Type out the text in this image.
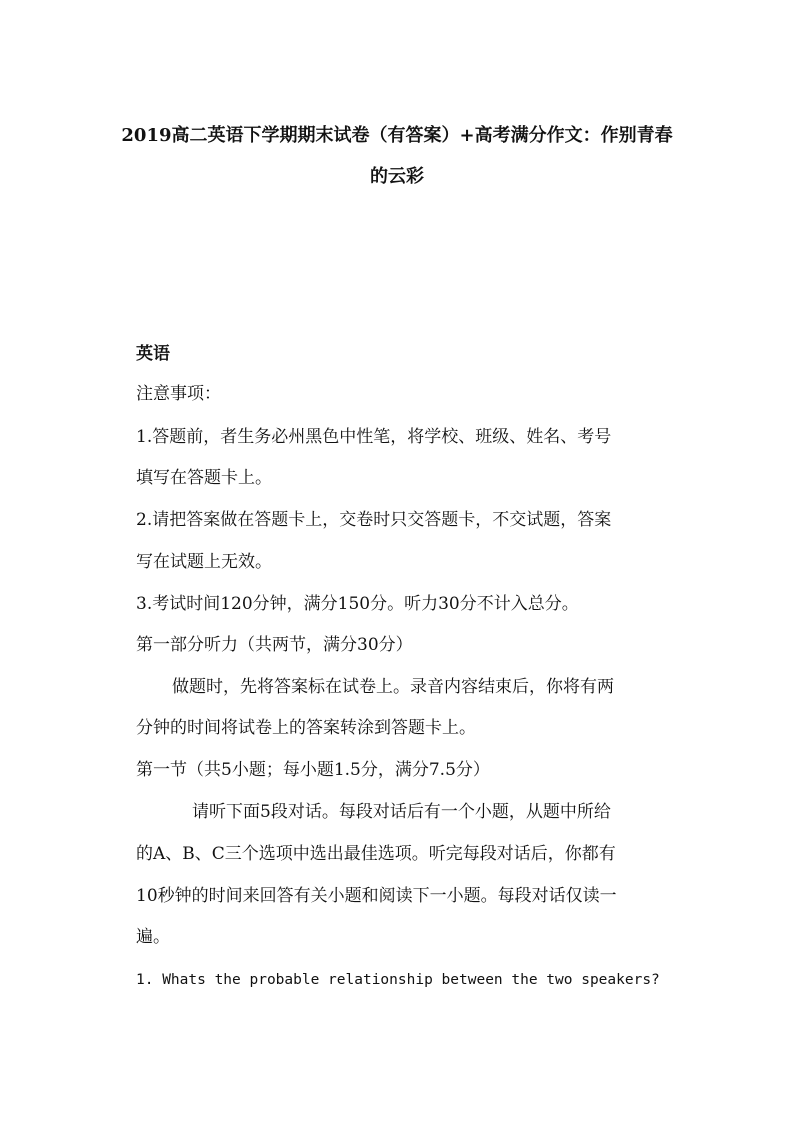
2019高二英语下学期期末试卷（有答案）+高考满分作文：作别青春
的云彩
英语
注意事项：
1.答题前，者生务必州黑色中性笔，将学校、班级、姓名、考号
填写在答题卡上。
2.请把答案做在答题卡上，交卷时只交答题卡，不交试题，答案
写在试题上无效。
3.考试时间120分钟，满分150分。听力30分不计入总分。
第一部分听力（共两节，满分30分）
做题时，先将答案标在试卷上。录音内容结束后，你将有两
分钟的时间将试卷上的答案转涂到答题卡上。
第一节（共5小题；每小题1.5分，满分7.5分）
请听下面5段对话。每段对话后有一个小题，从题中所给
的A、B、C三个选项中选出最佳选项。听完每段对话后，你都有
10秒钟的时间来回答有关小题和阅读下一小题。每段对话仅读一
遍。
1. Whats the probable relationship between the two speakers?
